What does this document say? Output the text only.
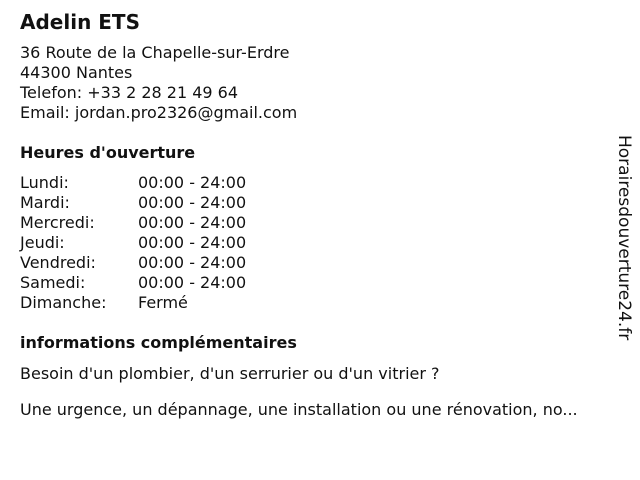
Adelin ETS
36 Route de la Chapelle-sur-Erdre
44300 Nantes
Telefon: +33 2 28 21 49 64
Email: jordan.pro2326@gmail.com
Heures d'ouverture
Lundi:	00:00 - 24:00
Mardi:	00:00 - 24:00
Mercredi:	00:00 - 24:00
Jeudi:	00:00 - 24:00
Vendredi:	00:00 - 24:00
Samedi:	00:00 - 24:00
Dimanche:	Fermé
informations complémentaires
Besoin d'un plombier, d'un serrurier ou d'un vitrier ?
Une urgence, un dépannage, une installation ou une rénovation, no...
Horairesdouverture24.fr
